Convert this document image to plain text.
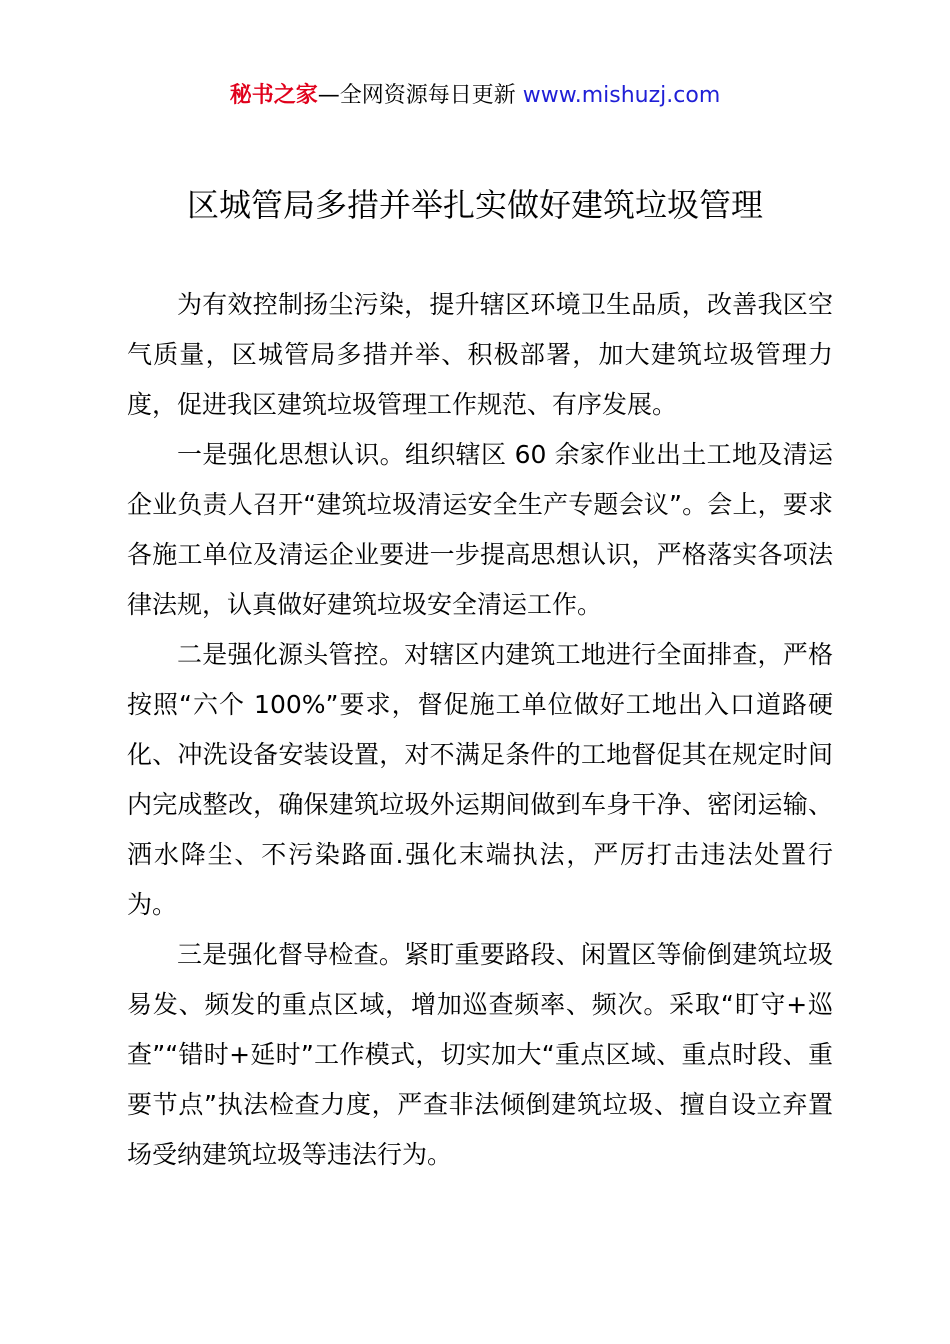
秘书之家—全网资源每日更新 www.mishuzj.com
区城管局多措并举扎实做好建筑垃圾管理

为有效控制扬尘污染，提升辖区环境卫生品质，改善我区空气质量，区城管局多措并举、积极部署，加大建筑垃圾管理力度，促进我区建筑垃圾管理工作规范、有序发展。

一是强化思想认识。组织辖区 60 余家作业出土工地及清运企业负责人召开“建筑垃圾清运安全生产专题会议”。会上，要求各施工单位及清运企业要进一步提高思想认识，严格落实各项法律法规，认真做好建筑垃圾安全清运工作。

二是强化源头管控。对辖区内建筑工地进行全面排查，严格按照“六个 100%”要求，督促施工单位做好工地出入口道路硬化、冲洗设备安装设置，对不满足条件的工地督促其在规定时间内完成整改，确保建筑垃圾外运期间做到车身干净、密闭运输、洒水降尘、不污染路面.强化末端执法，严厉打击违法处置行为。

三是强化督导检查。紧盯重要路段、闲置区等偷倒建筑垃圾易发、频发的重点区域，增加巡查频率、频次。采取“盯守+巡查”“错时+延时”工作模式，切实加大“重点区域、重点时段、重要节点”执法检查力度，严查非法倾倒建筑垃圾、擅自设立弃置场受纳建筑垃圾等违法行为。
